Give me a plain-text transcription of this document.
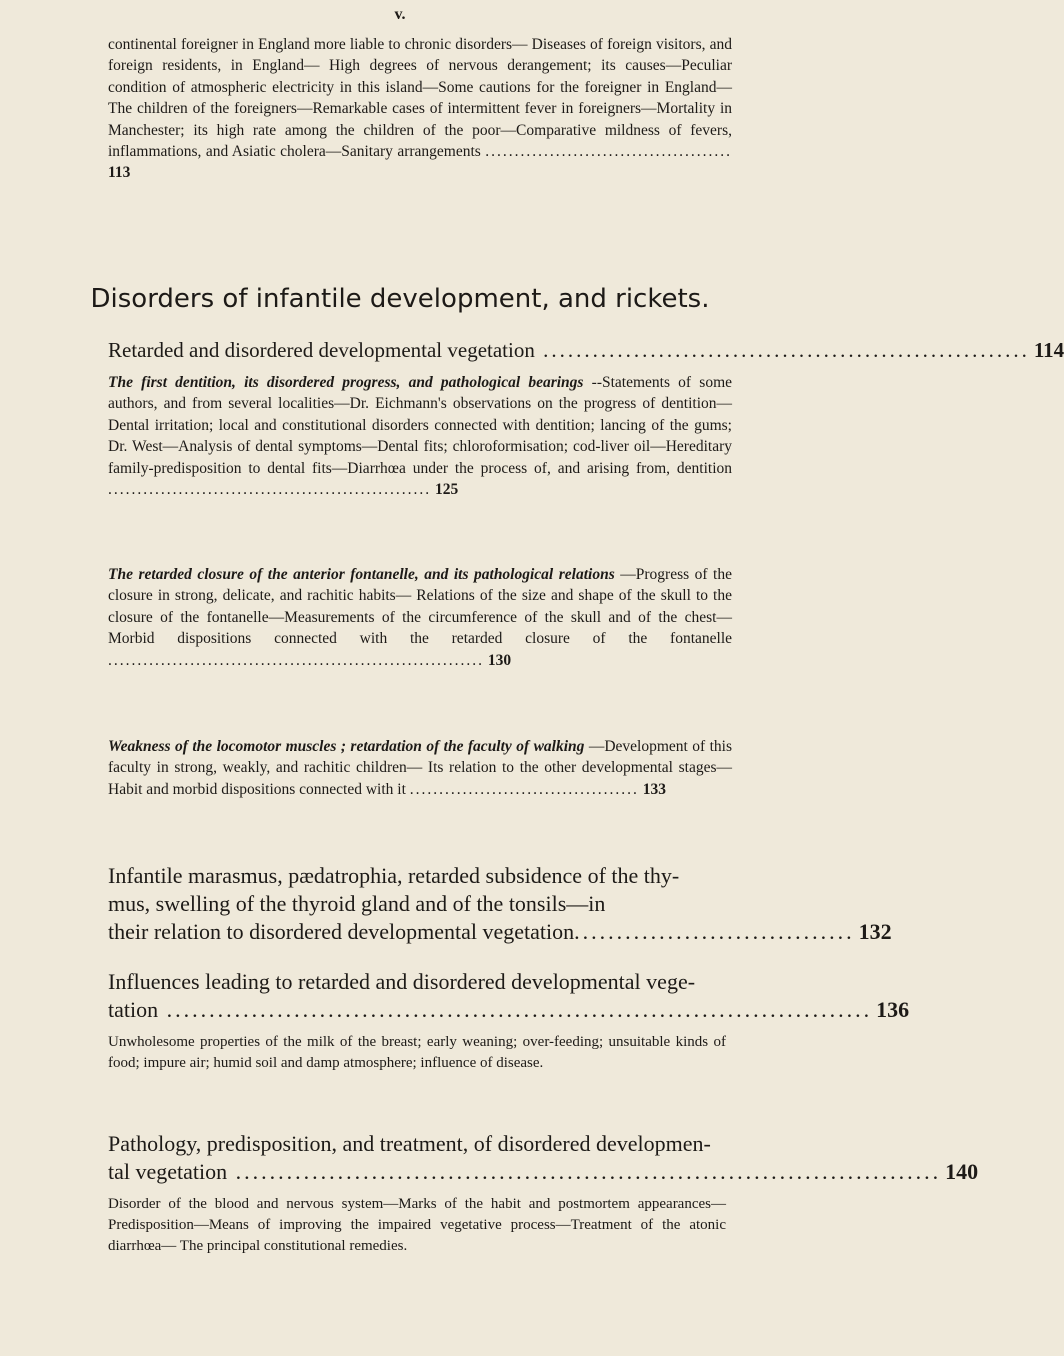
v.

continental foreigner in England more liable to chronic disorders— Diseases of foreign visitors, and foreign residents, in England— High degrees of nervous derangement; its causes—Peculiar condition of atmospheric electricity in this island—Some cautions for the foreigner in England—The children of the foreigners—Remarkable cases of intermittent fever in foreigners—Mortality in Manchester; its high rate among the children of the poor—Comparative mildness of fevers, inflammations, and Asiatic cholera—Sanitary arrangements .......................................... 113

Disorders of infantile development, and rickets.
Retarded and disordered developmental vegetation ........................................................... 114

The first dentition, its disordered progress, and pathological bearings --Statements of some authors, and from several localities—Dr. Eichmann's observations on the progress of dentition—Dental irritation; local and constitutional disorders connected with dentition; lancing of the gums; Dr. West—Analysis of dental symptoms—Dental fits; chloroformisation; cod-liver oil—Hereditary family-predisposition to dental fits—Diarrhœa under the process of, and arising from, dentition ....................................................... 125

The retarded closure of the anterior fontanelle, and its pathological relations —Progress of the closure in strong, delicate, and rachitic habits— Relations of the size and shape of the skull to the closure of the fontanelle—Measurements of the circumference of the skull and of the chest—Morbid dispositions connected with the retarded closure of the fontanelle ................................................................ 130

Weakness of the locomotor muscles ; retardation of the faculty of walking —Development of this faculty in strong, weakly, and rachitic children— Its relation to the other developmental stages—Habit and morbid dispositions connected with it ....................................... 133

Infantile marasmus, pædatrophia, retarded subsidence of the thy-
mus, swelling of the thyroid gland and of the tonsils—in
their relation to disordered developmental vegetation ................................. 132
Influences leading to retarded and disordered developmental vege-
tation ................................................................................... 136

Unwholesome properties of the milk of the breast; early weaning; over-feeding; unsuitable kinds of food; impure air; humid soil and damp atmosphere; influence of disease.

Pathology, predisposition, and treatment, of disordered developmen-
tal vegetation ................................................................................... 140

Disorder of the blood and nervous system—Marks of the habit and postmortem appearances—Predisposition—Means of improving the impaired vegetative process—Treatment of the atonic diarrhœa— The principal constitutional remedies.
